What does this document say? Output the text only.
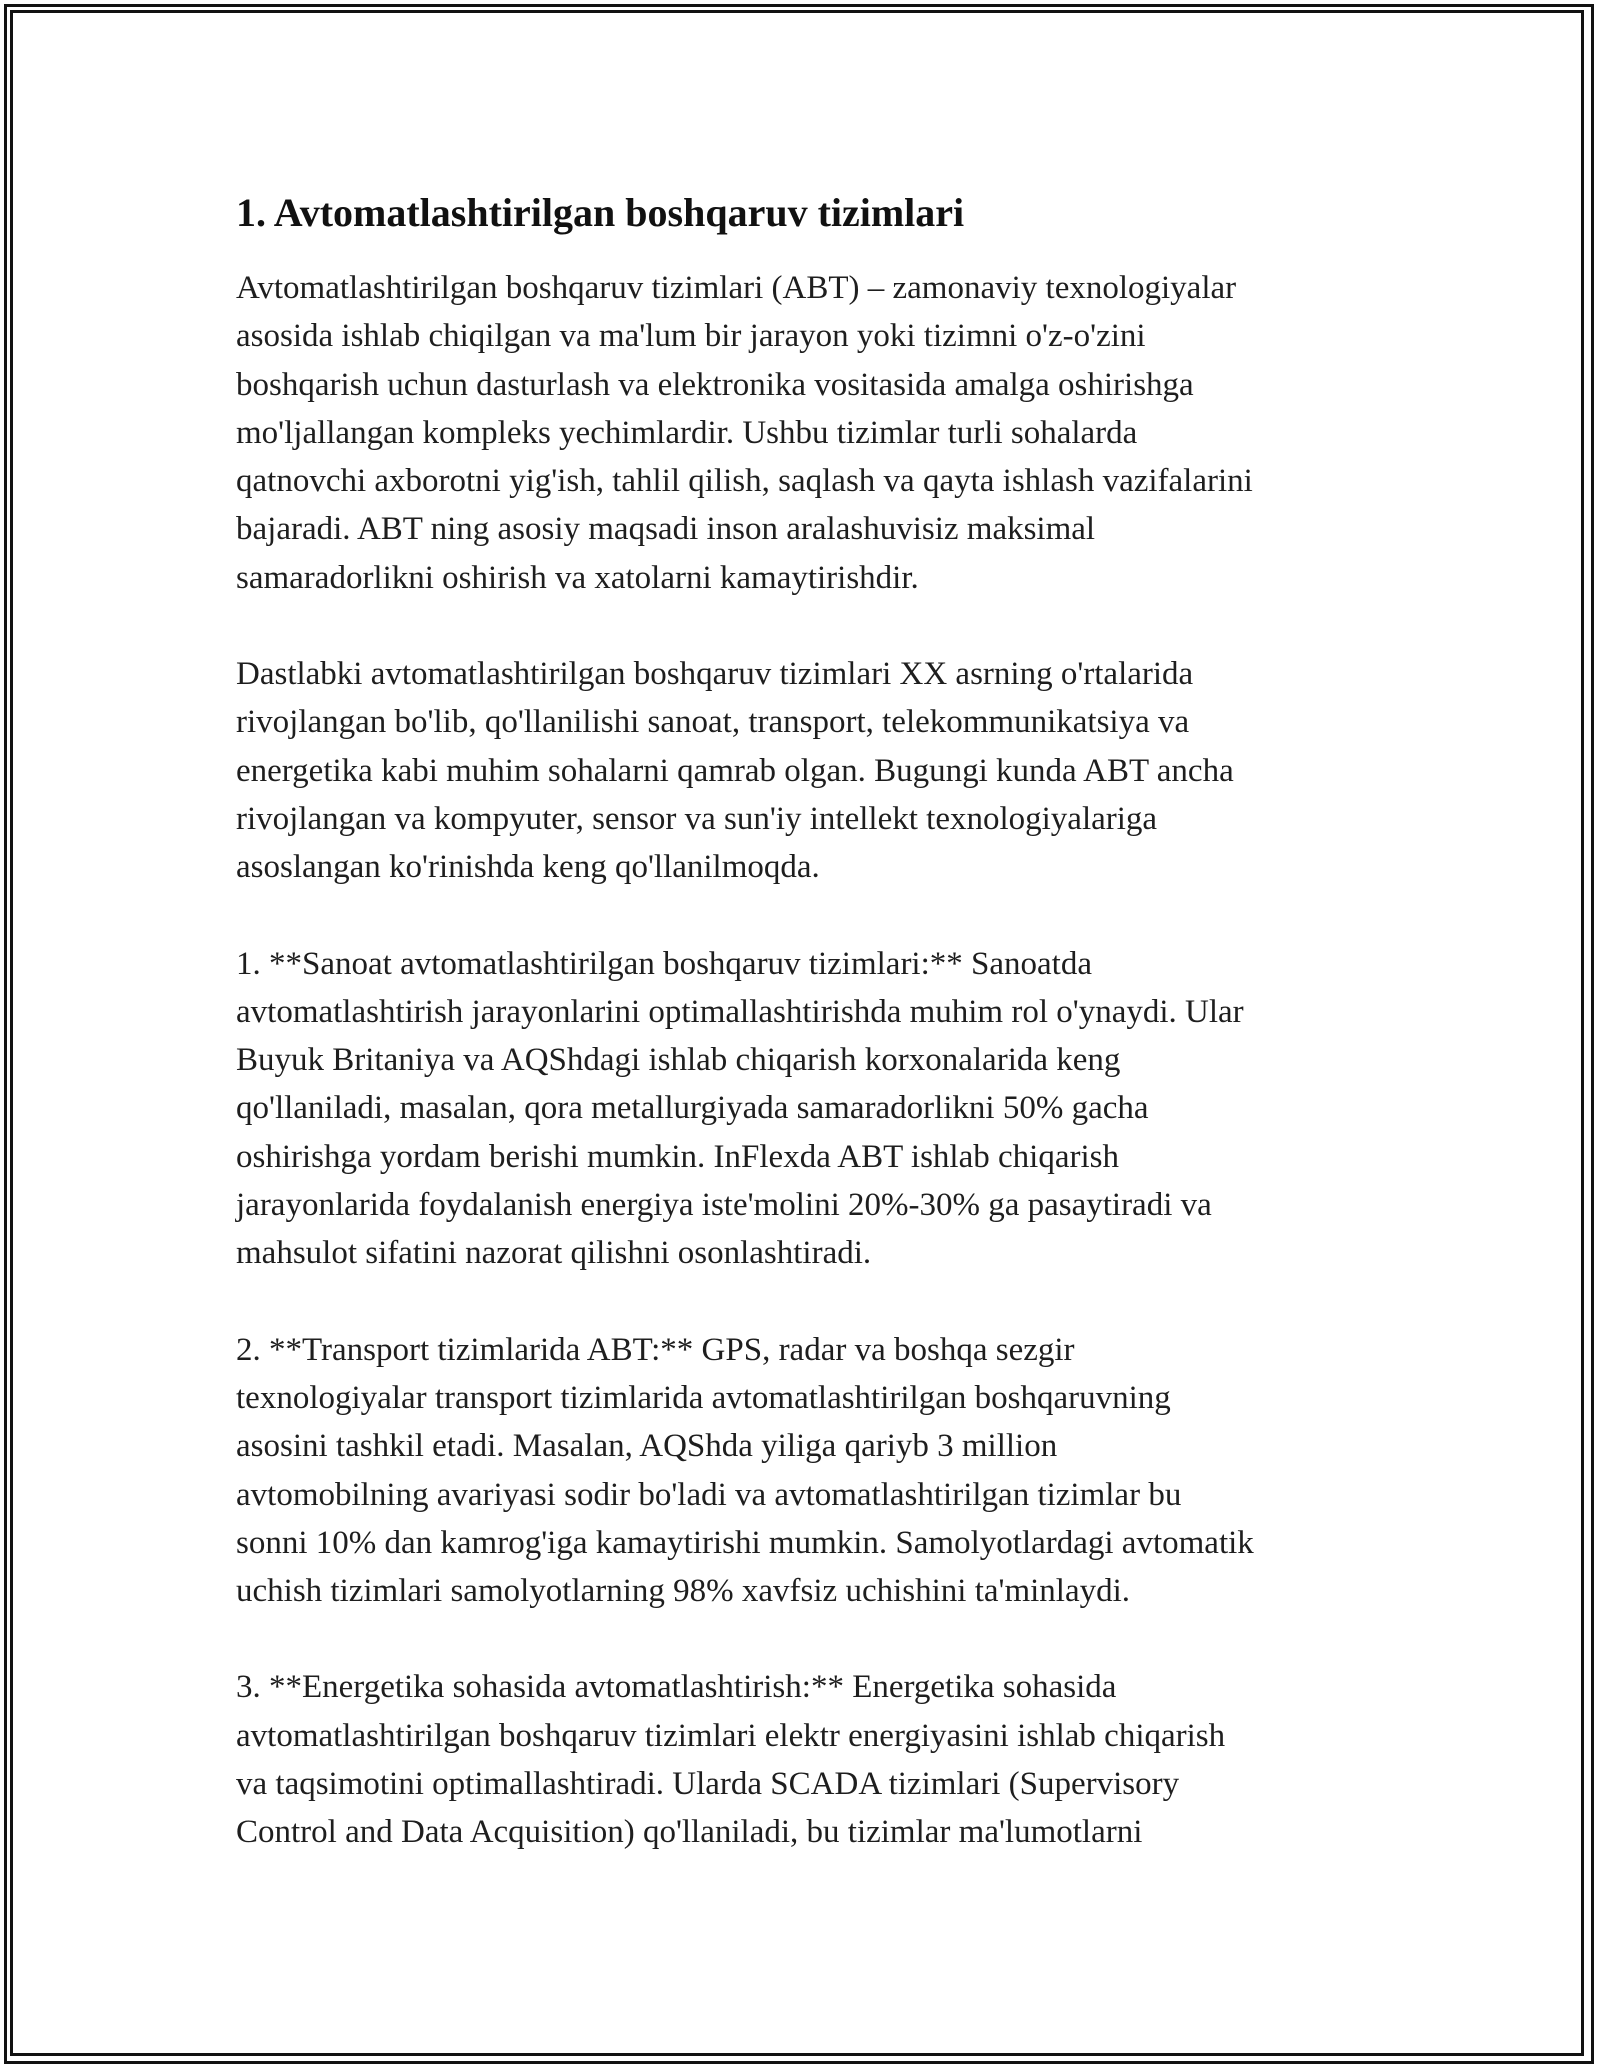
1. Avtomatlashtirilgan boshqaruv tizimlari

Avtomatlashtirilgan boshqaruv tizimlari (ABT) – zamonaviy texnologiyalar
asosida ishlab chiqilgan va ma'lum bir jarayon yoki tizimni o'z-o'zini
boshqarish uchun dasturlash va elektronika vositasida amalga oshirishga
mo'ljallangan kompleks yechimlardir. Ushbu tizimlar turli sohalarda
qatnovchi axborotni yig'ish, tahlil qilish, saqlash va qayta ishlash vazifalarini
bajaradi. ABT ning asosiy maqsadi inson aralashuvisiz maksimal
samaradorlikni oshirish va xatolarni kamaytirishdir.

Dastlabki avtomatlashtirilgan boshqaruv tizimlari XX asrning o'rtalarida
rivojlangan bo'lib, qo'llanilishi sanoat, transport, telekommunikatsiya va
energetika kabi muhim sohalarni qamrab olgan. Bugungi kunda ABT ancha
rivojlangan va kompyuter, sensor va sun'iy intellekt texnologiyalariga
asoslangan ko'rinishda keng qo'llanilmoqda.

1. **Sanoat avtomatlashtirilgan boshqaruv tizimlari:** Sanoatda
avtomatlashtirish jarayonlarini optimallashtirishda muhim rol o'ynaydi. Ular
Buyuk Britaniya va AQShdagi ishlab chiqarish korxonalarida keng
qo'llaniladi, masalan, qora metallurgiyada samaradorlikni 50% gacha
oshirishga yordam berishi mumkin. InFlexda ABT ishlab chiqarish
jarayonlarida foydalanish energiya iste'molini 20%-30% ga pasaytiradi va
mahsulot sifatini nazorat qilishni osonlashtiradi.

2. **Transport tizimlarida ABT:** GPS, radar va boshqa sezgir
texnologiyalar transport tizimlarida avtomatlashtirilgan boshqaruvning
asosini tashkil etadi. Masalan, AQShda yiliga qariyb 3 million
avtomobilning avariyasi sodir bo'ladi va avtomatlashtirilgan tizimlar bu
sonni 10% dan kamrog'iga kamaytirishi mumkin. Samolyotlardagi avtomatik
uchish tizimlari samolyotlarning 98% xavfsiz uchishini ta'minlaydi.

3. **Energetika sohasida avtomatlashtirish:** Energetika sohasida
avtomatlashtirilgan boshqaruv tizimlari elektr energiyasini ishlab chiqarish
va taqsimotini optimallashtiradi. Ularda SCADA tizimlari (Supervisory
Control and Data Acquisition) qo'llaniladi, bu tizimlar ma'lumotlarni
